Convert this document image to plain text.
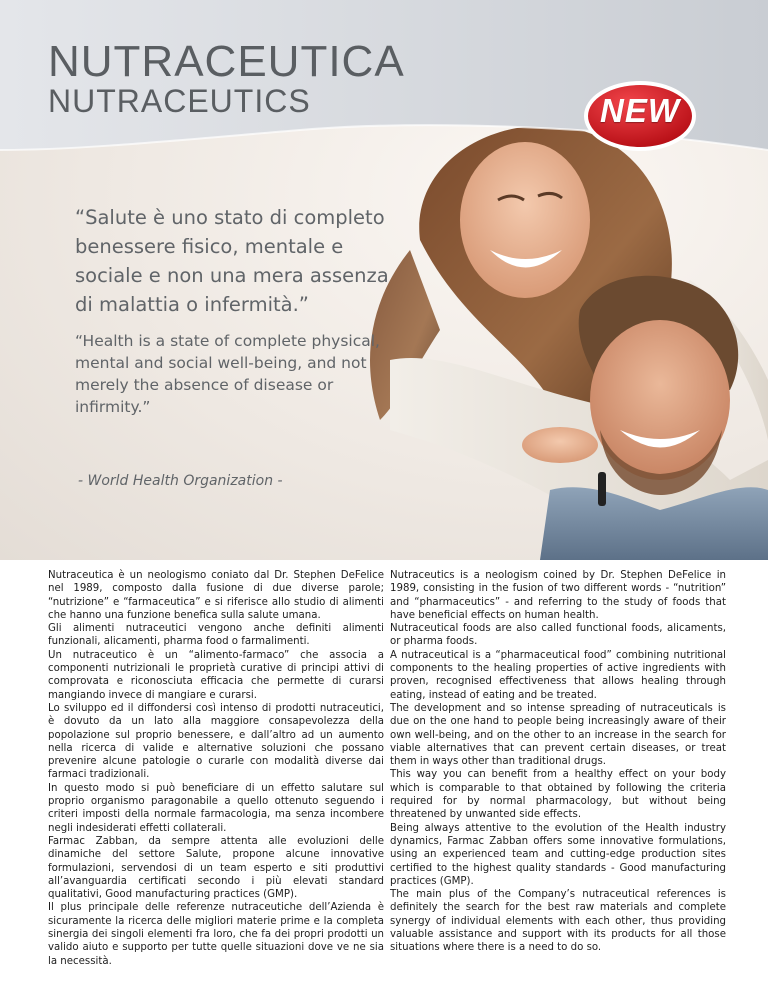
NUTRACEUTICA
NUTRACEUTICS	NEW

“Salute è uno stato di completo benessere fisico, mentale e sociale e non una mera assenza di malattia o infermità.”

“Health is a state of complete physical, mental and social well-being, and not merely the absence of disease or infirmity.”

- World Health Organization -

Nutraceutica è un neologismo coniato dal Dr. Stephen DeFelice nel 1989, composto dalla fusione di due diverse parole; “nutrizione” e “farmaceutica” e si riferisce allo studio di alimenti che hanno una funzione benefica sulla salute umana.

Gli alimenti nutraceutici vengono anche definiti alimenti funzionali, alicamenti, pharma food o farmalimenti.

Un nutraceutico è un “alimento-farmaco” che associa a componenti nutrizionali le proprietà curative di principi attivi di comprovata e riconosciuta efficacia che permette di curarsi mangiando invece di mangiare e curarsi.

Lo sviluppo ed il diffondersi così intenso di prodotti nutraceutici, è dovuto da un lato alla maggiore consapevolezza della popolazione sul proprio benessere, e dall’altro ad un aumento nella ricerca di valide e alternative soluzioni che possano prevenire alcune patologie o curarle con modalità diverse dai farmaci tradizionali.

In questo modo si può beneficiare di un effetto salutare sul proprio organismo paragonabile a quello ottenuto seguendo i criteri imposti della normale farmacologia, ma senza incombere negli indesiderati effetti collaterali.

Farmac Zabban, da sempre attenta alle evoluzioni delle dinamiche del settore Salute, propone alcune innovative formulazioni, servendosi di un team esperto e siti produttivi all’avanguardia certificati secondo i più elevati standard qualitativi, Good manufacturing practices (GMP).

Il plus principale delle referenze nutraceutiche dell’Azienda è sicuramente la ricerca delle migliori materie prime e la completa sinergia dei singoli elementi fra loro, che fa dei propri prodotti un valido aiuto e supporto per tutte quelle situazioni dove ve ne sia la necessità.

Nutraceutics is a neologism coined by Dr. Stephen DeFelice in 1989, consisting in the fusion of two different words - “nutrition” and “pharmaceutics” - and referring to the study of foods that have beneficial effects on human health.

Nutraceutical foods are also called functional foods, alicaments, or pharma foods.

A nutraceutical is a “pharmaceutical food” combining nutritional components to the healing properties of active ingredients with proven, recognised effectiveness that allows healing through eating, instead of eating and be treated.

The development and so intense spreading of nutraceuticals is due on the one hand to people being increasingly aware of their own well-being, and on the other to an increase in the search for viable alternatives that can prevent certain diseases, or treat them in ways other than traditional drugs.

This way you can benefit from a healthy effect on your body which is comparable to that obtained by following the criteria required for by normal pharmacology, but without being threatened by unwanted side effects.

Being always attentive to the evolution of the Health industry dynamics, Farmac Zabban offers some innovative formulations, using an experienced team and cutting-edge production sites certified to the highest quality standards - Good manufacturing practices (GMP).

The main plus of the Company’s nutraceutical references is definitely the search for the best raw materials and complete synergy of individual elements with each other, thus providing valuable assistance and support with its products for all those situations where there is a need to do so.
